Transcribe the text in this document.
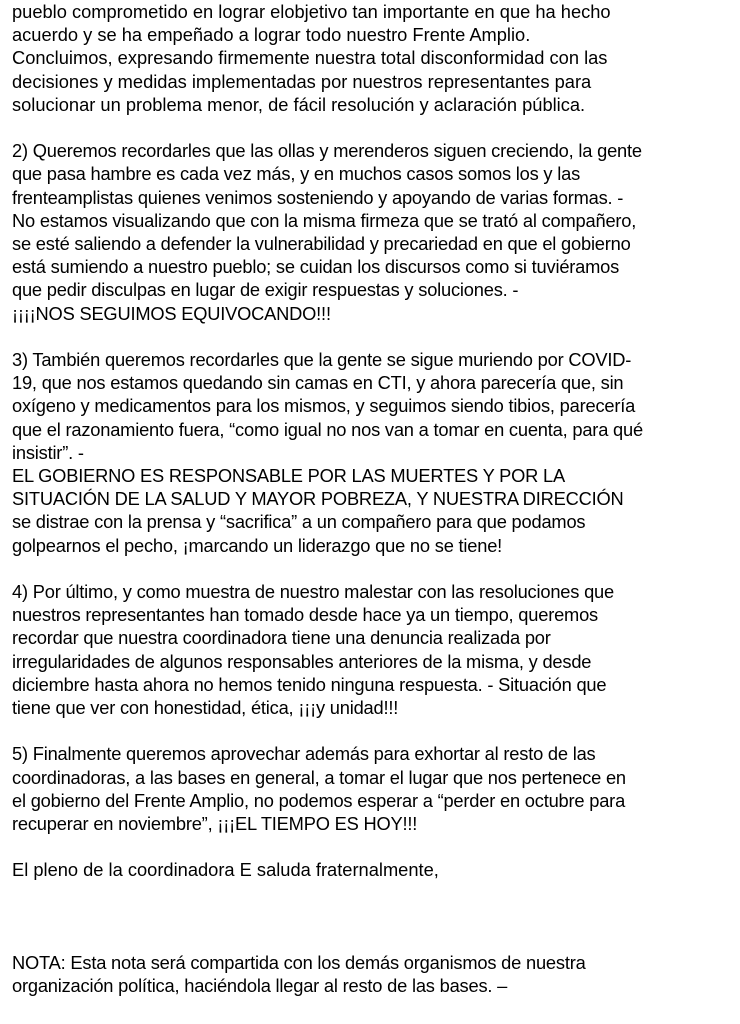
pueblo comprometido en lograr elobjetivo tan importante en que ha hecho
acuerdo y se ha empeñado a lograr todo nuestro Frente Amplio.
Concluimos, expresando firmemente nuestra total disconformidad con las
decisiones y medidas implementadas por nuestros representantes para
solucionar un problema menor, de fácil resolución y aclaración pública.
2) Queremos recordarles que las ollas y merenderos siguen creciendo, la gente
que pasa hambre es cada vez más, y en muchos casos somos los y las
frenteamplistas quienes venimos sosteniendo y apoyando de varias formas. -
No estamos visualizando que con la misma firmeza que se trató al compañero,
se esté saliendo a defender la vulnerabilidad y precariedad en que el gobierno
está sumiendo a nuestro pueblo; se cuidan los discursos como si tuviéramos
que pedir disculpas en lugar de exigir respuestas y soluciones. -
¡¡¡¡NOS SEGUIMOS EQUIVOCANDO!!!
3) También queremos recordarles que la gente se sigue muriendo por COVID-
19, que nos estamos quedando sin camas en CTI, y ahora parecería que, sin
oxígeno y medicamentos para los mismos, y seguimos siendo tibios, parecería
que el razonamiento fuera, “como igual no nos van a tomar en cuenta, para qué
insistir”. -
EL GOBIERNO ES RESPONSABLE POR LAS MUERTES Y POR LA
SITUACIÓN DE LA SALUD Y MAYOR POBREZA, Y NUESTRA DIRECCIÓN
se distrae con la prensa y “sacrifica” a un compañero para que podamos
golpearnos el pecho, ¡marcando un liderazgo que no se tiene!
4) Por último, y como muestra de nuestro malestar con las resoluciones que
nuestros representantes han tomado desde hace ya un tiempo, queremos
recordar que nuestra coordinadora tiene una denuncia realizada por
irregularidades de algunos responsables anteriores de la misma, y desde
diciembre hasta ahora no hemos tenido ninguna respuesta. - Situación que
tiene que ver con honestidad, ética, ¡¡¡y unidad!!!
5) Finalmente queremos aprovechar además para exhortar al resto de las
coordinadoras, a las bases en general, a tomar el lugar que nos pertenece en
el gobierno del Frente Amplio, no podemos esperar a “perder en octubre para
recuperar en noviembre”, ¡¡¡EL TIEMPO ES HOY!!!
El pleno de la coordinadora E saluda fraternalmente,
NOTA: Esta nota será compartida con los demás organismos de nuestra
organización política, haciéndola llegar al resto de las bases. –
